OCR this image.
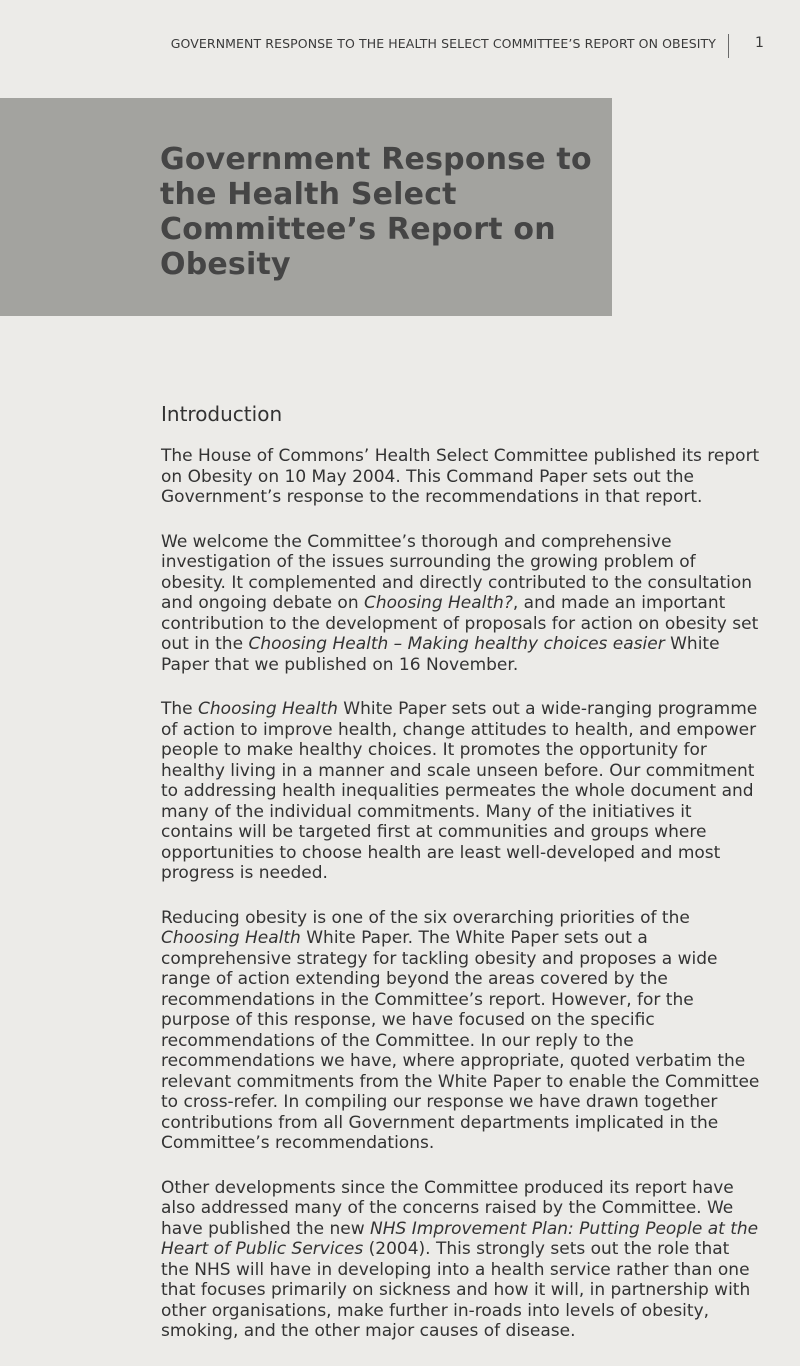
GOVERNMENT RESPONSE TO THE HEALTH SELECT COMMITTEE’S REPORT ON OBESITY	1
Government Response to the Health Select Committee’s Report on Obesity
Introduction

The House of Commons’ Health Select Committee published its report on Obesity on 10 May 2004. This Command Paper sets out the Government’s response to the recommendations in that report.

We welcome the Committee’s thorough and comprehensive investigation of the issues surrounding the growing problem of obesity. It complemented and directly contributed to the consultation and ongoing debate on Choosing Health?, and made an important contribution to the development of proposals for action on obesity set out in the Choosing Health – Making healthy choices easier White Paper that we published on 16 November.

The Choosing Health White Paper sets out a wide-ranging programme of action to improve health, change attitudes to health, and empower people to make healthy choices. It promotes the opportunity for healthy living in a manner and scale unseen before. Our commitment to addressing health inequalities permeates the whole document and many of the individual commitments. Many of the initiatives it contains will be targeted first at communities and groups where opportunities to choose health are least well-developed and most progress is needed.

Reducing obesity is one of the six overarching priorities of the Choosing Health White Paper. The White Paper sets out a comprehensive strategy for tackling obesity and proposes a wide range of action extending beyond the areas covered by the recommendations in the Committee’s report. However, for the purpose of this response, we have focused on the specific recommendations of the Committee. In our reply to the recommendations we have, where appropriate, quoted verbatim the relevant commitments from the White Paper to enable the Committee to cross-refer. In compiling our response we have drawn together contributions from all Government departments implicated in the Committee’s recommendations.

Other developments since the Committee produced its report have also addressed many of the concerns raised by the Committee. We have published the new NHS Improvement Plan: Putting People at the Heart of Public Services (2004). This strongly sets out the role that the NHS will have in developing into a health service rather than one that focuses primarily on sickness and how it will, in partnership with other organisations, make further in-roads into levels of obesity, smoking, and the other major causes of disease.
